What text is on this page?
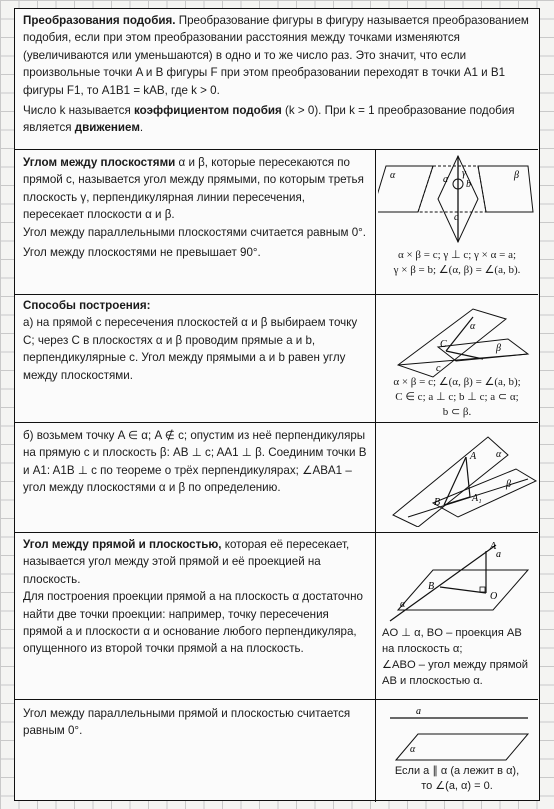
Преобразования подобия. Преобразование фигуры в фигуру называется преобразованием подобия, если при этом преобразовании расстояния между точками изменяются (увеличиваются или уменьшаются) в одно и то же число раз. Это значит, что если произвольные точки A и B фигуры F при этом преобразовании переходят в точки A1 и B1 фигуры F1, то A1B1 = kAB, где k > 0.

Число k называется коэффициентом подобия (k > 0). При k = 1 преобразование подобия является движением.

Углом между плоскостями α и β, которые пересекаются по прямой c, называется угол между прямыми, по которым третья плоскость γ, перпендикулярная линии пересечения, пересекает плоскости α и β.

Угол между параллельными плоскостями считается равным 0°.

Угол между плоскостями не превышает 90°.

α	β
γ
a b
c
α × β = c; γ ⊥ c; γ × α = a;
γ × β = b; ∠(α, β) = ∠(a, b).

Способы построения:

а) на прямой c пересечения плоскостей α и β выбираем точку C; через C в плоскостях α и β проводим прямые a и b, перпендикулярные c. Угол между прямыми a и b равен углу между плоскостями.

α
β
C
c
α × β = c; ∠(α, β) = ∠(a, b);
C ∈ c; a ⊥ c; b ⊥ c; a ⊂ α;
b ⊂ β.

б) возьмем точку A ∈ α; A ∉ c; опустим из неё перпендикуляры на прямую c и плоскость β: AB ⊥ c; AA1 ⊥ β. Соединим точки B и A1: A1B ⊥ c по теореме о трёх перпендикулярах; ∠ABA1 – угол между плоскостями α и β по определению.

A
B	A₁
α
β

Угол между прямой и плоскостью, которая её пересекает, называется угол между этой прямой и её проекцией на плоскость.

Для построения проекции прямой a на плоскость α достаточно найти две точки проекции: например, точку пересечения прямой a и плоскости α и основание любого перпендикуляра, опущенного из второй точки прямой a на плоскость.

A
B
O
α
a
AO ⊥ α, BO – проекция AB на плоскость α;
∠ABO – угол между прямой AB и плоскостью α.

Угол между параллельными прямой и плоскостью считается равным 0°.

a
α
Если a ∥ α (a лежит в α),
то ∠(a, α) = 0.
